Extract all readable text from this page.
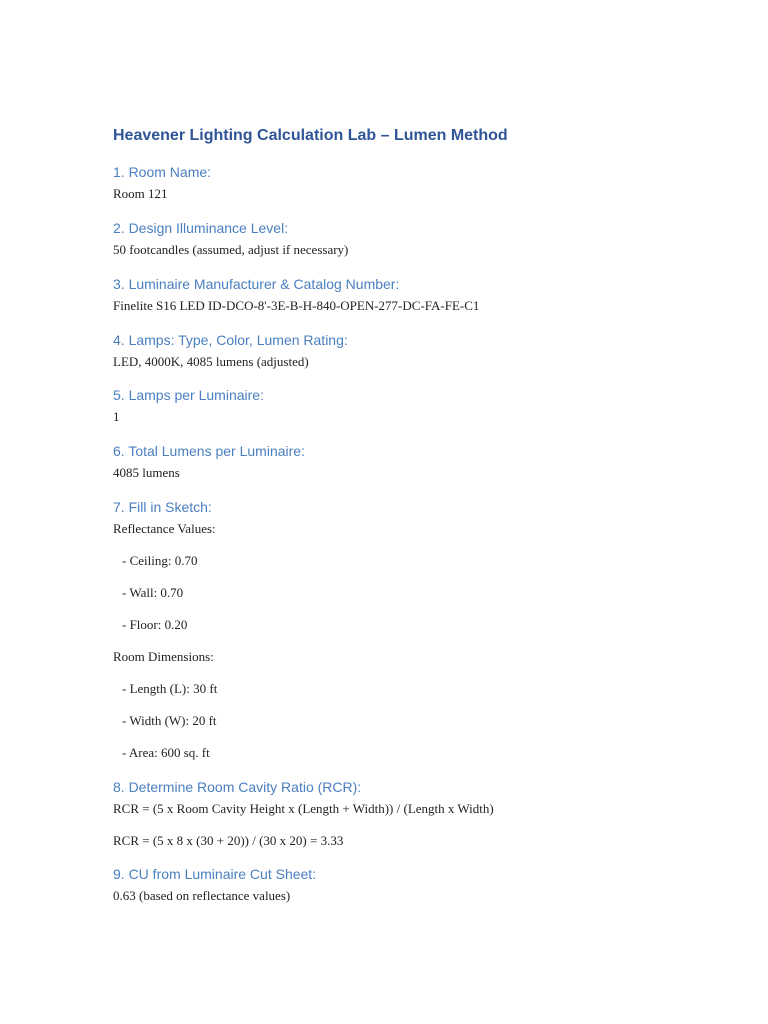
Heavener Lighting Calculation Lab – Lumen Method
1. Room Name:

Room 121

2. Design Illuminance Level:

50 footcandles (assumed, adjust if necessary)

3. Luminaire Manufacturer & Catalog Number:

Finelite S16 LED ID-DCO-8'-3E-B-H-840-OPEN-277-DC-FA-FE-C1

4. Lamps: Type, Color, Lumen Rating:

LED, 4000K, 4085 lumens (adjusted)

5. Lamps per Luminaire:

1

6. Total Lumens per Luminaire:

4085 lumens

7. Fill in Sketch:

Reflectance Values:

- Ceiling: 0.70

- Wall: 0.70

- Floor: 0.20

Room Dimensions:

- Length (L): 30 ft

- Width (W): 20 ft

- Area: 600 sq. ft

8. Determine Room Cavity Ratio (RCR):

RCR = (5 x Room Cavity Height x (Length + Width)) / (Length x Width)

RCR = (5 x 8 x (30 + 20)) / (30 x 20) = 3.33

9. CU from Luminaire Cut Sheet:

0.63 (based on reflectance values)
